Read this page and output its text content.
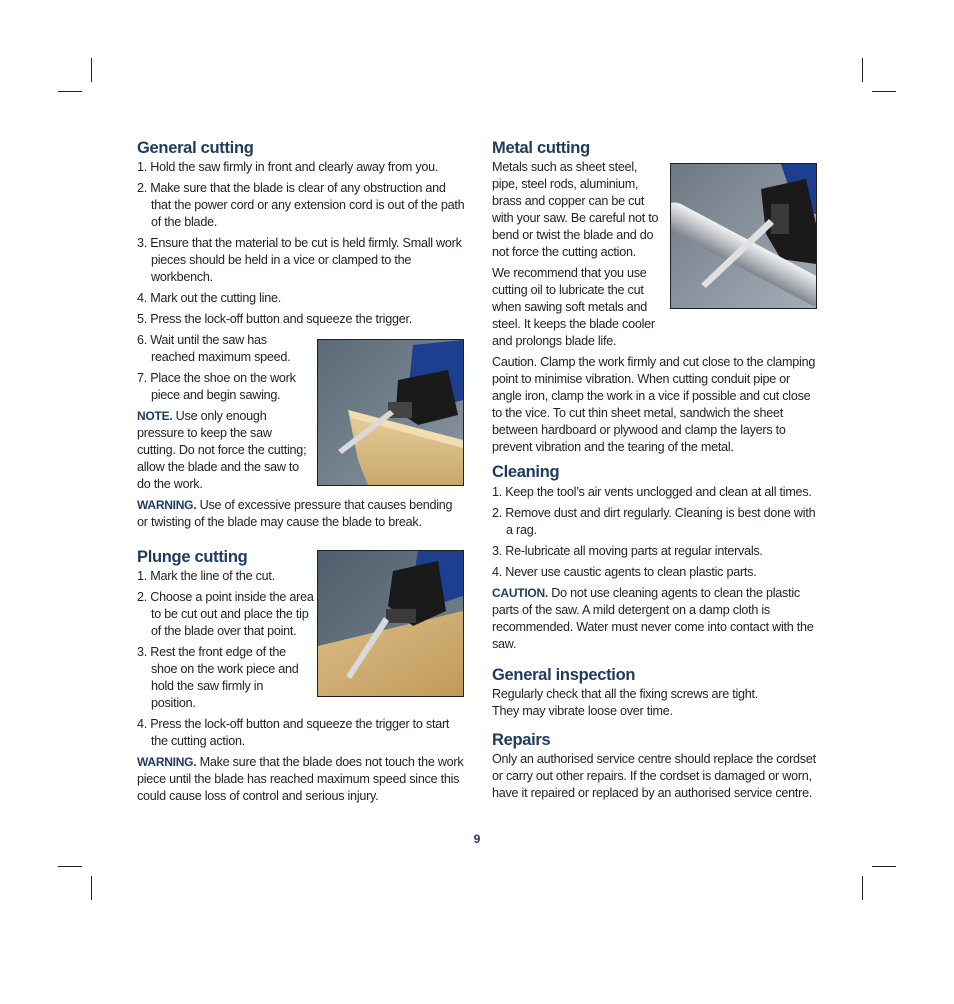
General cutting
1. Hold the saw firmly in front and clearly away from you.
2. Make sure that the blade is clear of any obstruction and that the power cord or any extension cord is out of the path of the blade.
3. Ensure that the material to be cut is held firmly. Small work pieces should be held in a vice or clamped to the workbench.
4. Mark out the cutting line.
5. Press the lock-off button and squeeze the trigger.
6. Wait until the saw has reached maximum speed.
7. Place the shoe on the work piece and begin sawing.

NOTE. Use only enough pressure to keep the saw cutting. Do not force the cutting; allow the blade and the saw to do the work.

WARNING. Use of excessive pressure that causes bending or twisting of the blade may cause the blade to break.

Plunge cutting
1. Mark the line of the cut.
2. Choose a point inside the area to be cut out and place the tip of the blade over that point.
3. Rest the front edge of the shoe on the work piece and hold the saw firmly in position.
4. Press the lock-off button and squeeze the trigger to start the cutting action.

WARNING. Make sure that the blade does not touch the work piece until the blade has reached maximum speed since this could cause loss of control and serious injury.

Metal cutting

Metals such as sheet steel, pipe, steel rods, aluminium, brass and copper can be cut with your saw. Be careful not to bend or twist the blade and do not force the cutting action.

We recommend that you use cutting oil to lubricate the cut when sawing soft metals and steel. It keeps the blade cooler and prolongs blade life.

Caution. Clamp the work firmly and cut close to the clamping point to minimise vibration. When cutting conduit pipe or angle iron, clamp the work in a vice if possible and cut close to the vice. To cut thin sheet metal, sandwich the sheet between hardboard or plywood and clamp the layers to prevent vibration and the tearing of the metal.

Cleaning
1. Keep the tool’s air vents unclogged and clean at all times.
2. Remove dust and dirt regularly. Cleaning is best done with a rag.
3. Re-lubricate all moving parts at regular intervals.
4. Never use caustic agents to clean plastic parts.

CAUTION. Do not use cleaning agents to clean the plastic parts of the saw. A mild detergent on a damp cloth is recommended. Water must never come into contact with the saw.

General inspection

Regularly check that all the fixing screws are tight.

They may vibrate loose over time.

Repairs

Only an authorised service centre should replace the cordset or carry out other repairs. If the cordset is damaged or worn, have it repaired or replaced by an authorised service centre.

9
